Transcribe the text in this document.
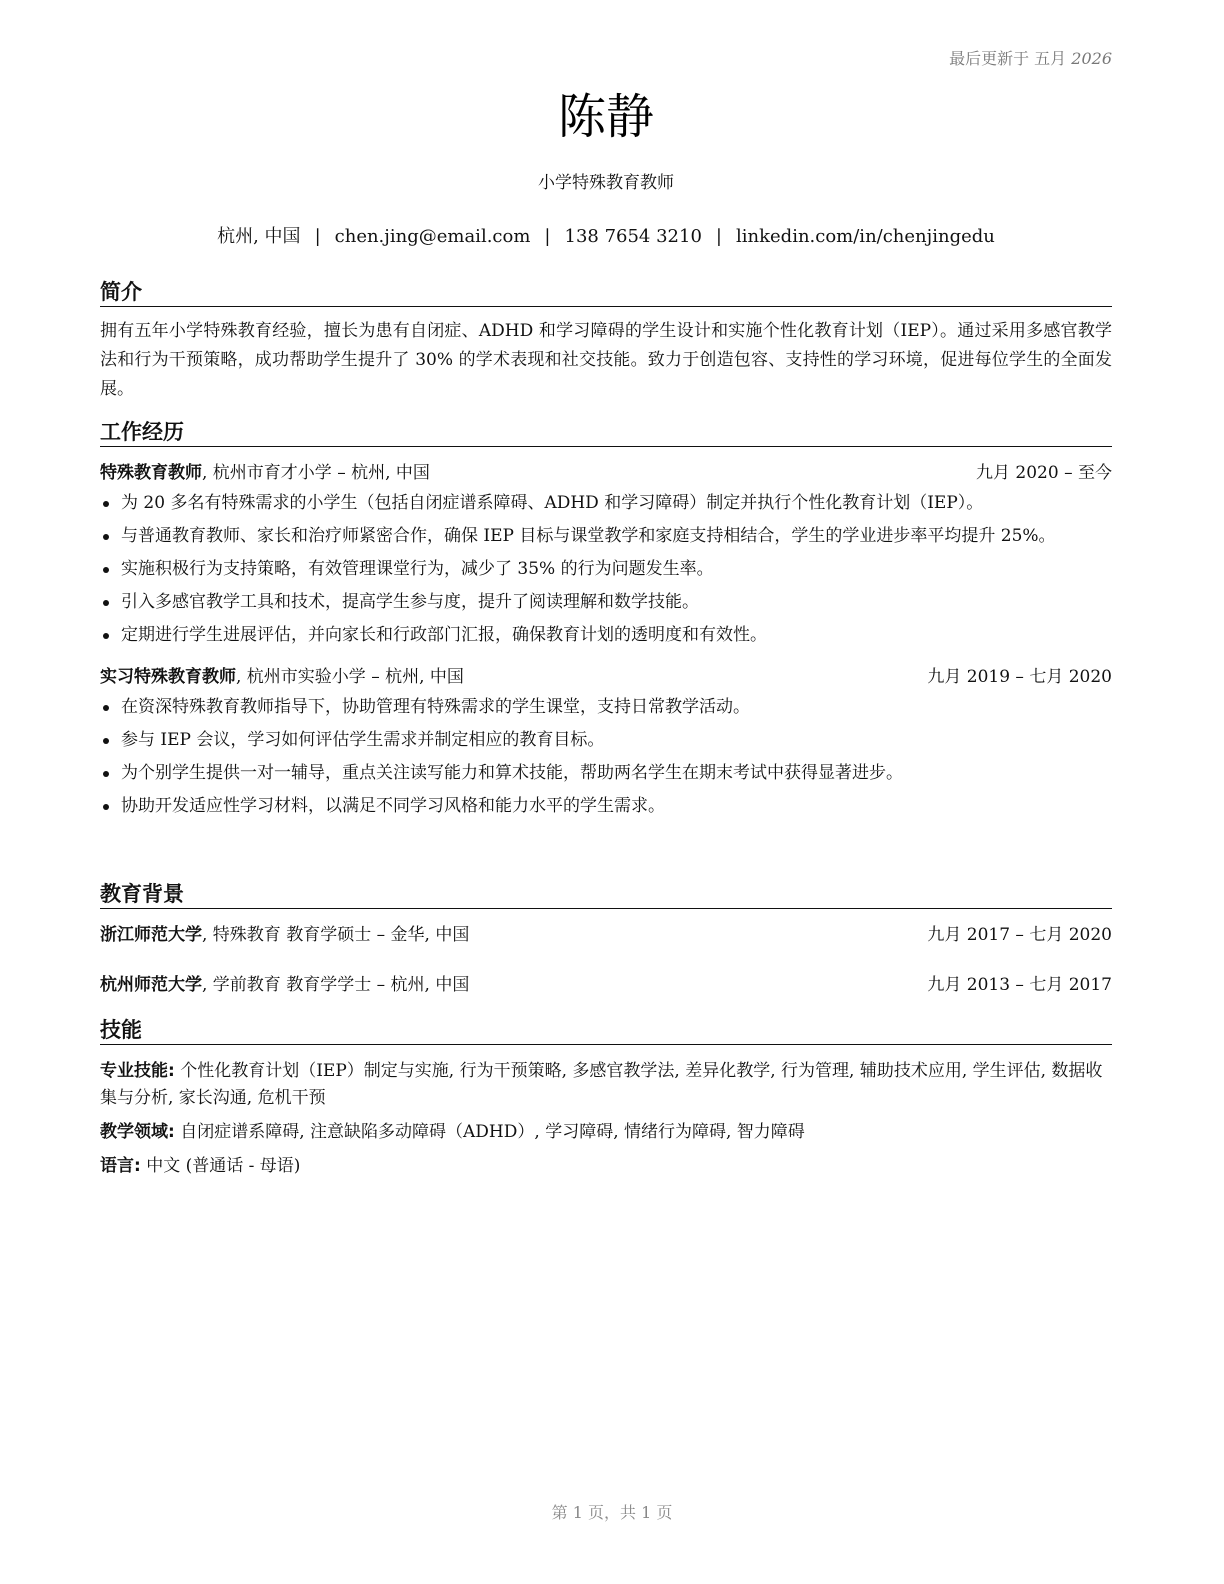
最后更新于 五月 2026
陈静
小学特殊教育教师
杭州, 中国 | chen.jing@email.com | 138 7654 3210 | linkedin.com/in/chenjingedu
简介
拥有五年小学特殊教育经验，擅长为患有自闭症、ADHD 和学习障碍的学生设计和实施个性化教育计划（IEP）。通过采用多感官教学法和行为干预策略，成功帮助学生提升了 30% 的学术表现和社交技能。致力于创造包容、支持性的学习环境，促进每位学生的全面发展。
工作经历
特殊教育教师, 杭州市育才小学 – 杭州, 中国	九月 2020 – 至今
为 20 多名有特殊需求的小学生（包括自闭症谱系障碍、ADHD 和学习障碍）制定并执行个性化教育计划（IEP）。
与普通教育教师、家长和治疗师紧密合作，确保 IEP 目标与课堂教学和家庭支持相结合，学生的学业进步率平均提升 25%。
实施积极行为支持策略，有效管理课堂行为，减少了 35% 的行为问题发生率。
引入多感官教学工具和技术，提高学生参与度，提升了阅读理解和数学技能。
定期进行学生进展评估，并向家长和行政部门汇报，确保教育计划的透明度和有效性。
实习特殊教育教师, 杭州市实验小学 – 杭州, 中国	九月 2019 – 七月 2020
在资深特殊教育教师指导下，协助管理有特殊需求的学生课堂，支持日常教学活动。
参与 IEP 会议，学习如何评估学生需求并制定相应的教育目标。
为个别学生提供一对一辅导，重点关注读写能力和算术技能，帮助两名学生在期末考试中获得显著进步。
协助开发适应性学习材料，以满足不同学习风格和能力水平的学生需求。
教育背景
浙江师范大学, 特殊教育 教育学硕士 – 金华, 中国	九月 2017 – 七月 2020
杭州师范大学, 学前教育 教育学学士 – 杭州, 中国	九月 2013 – 七月 2017
技能
专业技能: 个性化教育计划（IEP）制定与实施, 行为干预策略, 多感官教学法, 差异化教学, 行为管理, 辅助技术应用, 学生评估, 数据收集与分析, 家长沟通, 危机干预
教学领域: 自闭症谱系障碍, 注意缺陷多动障碍（ADHD）, 学习障碍, 情绪行为障碍, 智力障碍
语言: 中文 (普通话 - 母语)
第 1 页，共 1 页
